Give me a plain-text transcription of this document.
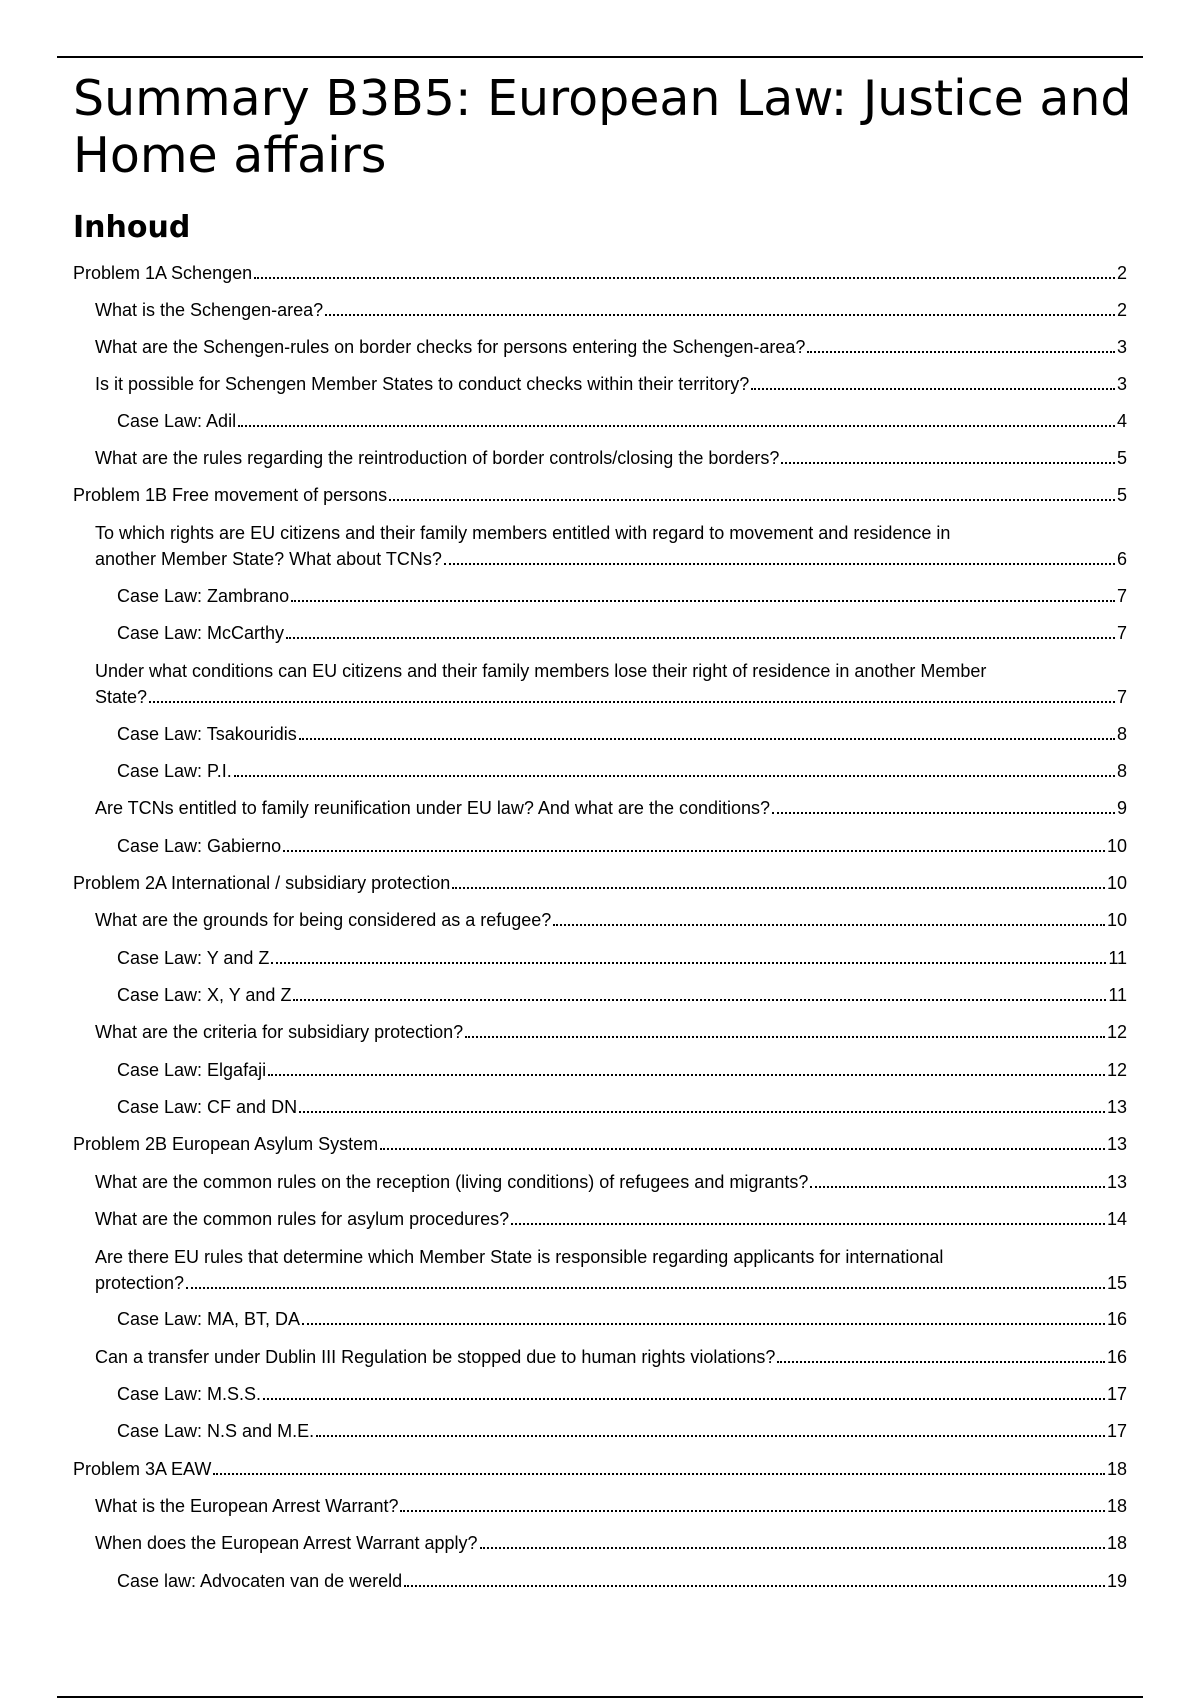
Summary B3B5: European Law: Justice and Home affairs
Inhoud
Problem 1A Schengen	2
What is the Schengen-area?	2
What are the Schengen-rules on border checks for persons entering the Schengen-area?	3
Is it possible for Schengen Member States to conduct checks within their territory?	3
Case Law: Adil	4
What are the rules regarding the reintroduction of border controls/closing the borders?	5
Problem 1B Free movement of persons	5
To which rights are EU citizens and their family members entitled with regard to movement and residence in
another Member State? What about TCNs?	6
Case Law: Zambrano	7
Case Law: McCarthy	7
Under what conditions can EU citizens and their family members lose their right of residence in another Member
State?	7
Case Law: Tsakouridis	8
Case Law: P.I.	8
Are TCNs entitled to family reunification under EU law? And what are the conditions?	9
Case Law: Gabierno	10
Problem 2A International / subsidiary protection	10
What are the grounds for being considered as a refugee?	10
Case Law: Y and Z	11
Case Law: X, Y and Z	11
What are the criteria for subsidiary protection?	12
Case Law: Elgafaji	12
Case Law: CF and DN	13
Problem 2B European Asylum System	13
What are the common rules on the reception (living conditions) of refugees and migrants?	13
What are the common rules for asylum procedures?	14
Are there EU rules that determine which Member State is responsible regarding applicants for international
protection?	15
Case Law: MA, BT, DA	16
Can a transfer under Dublin III Regulation be stopped due to human rights violations?	16
Case Law: M.S.S.	17
Case Law: N.S and M.E.	17
Problem 3A EAW	18
What is the European Arrest Warrant?	18
When does the European Arrest Warrant apply?	18
Case law: Advocaten van de wereld	19
